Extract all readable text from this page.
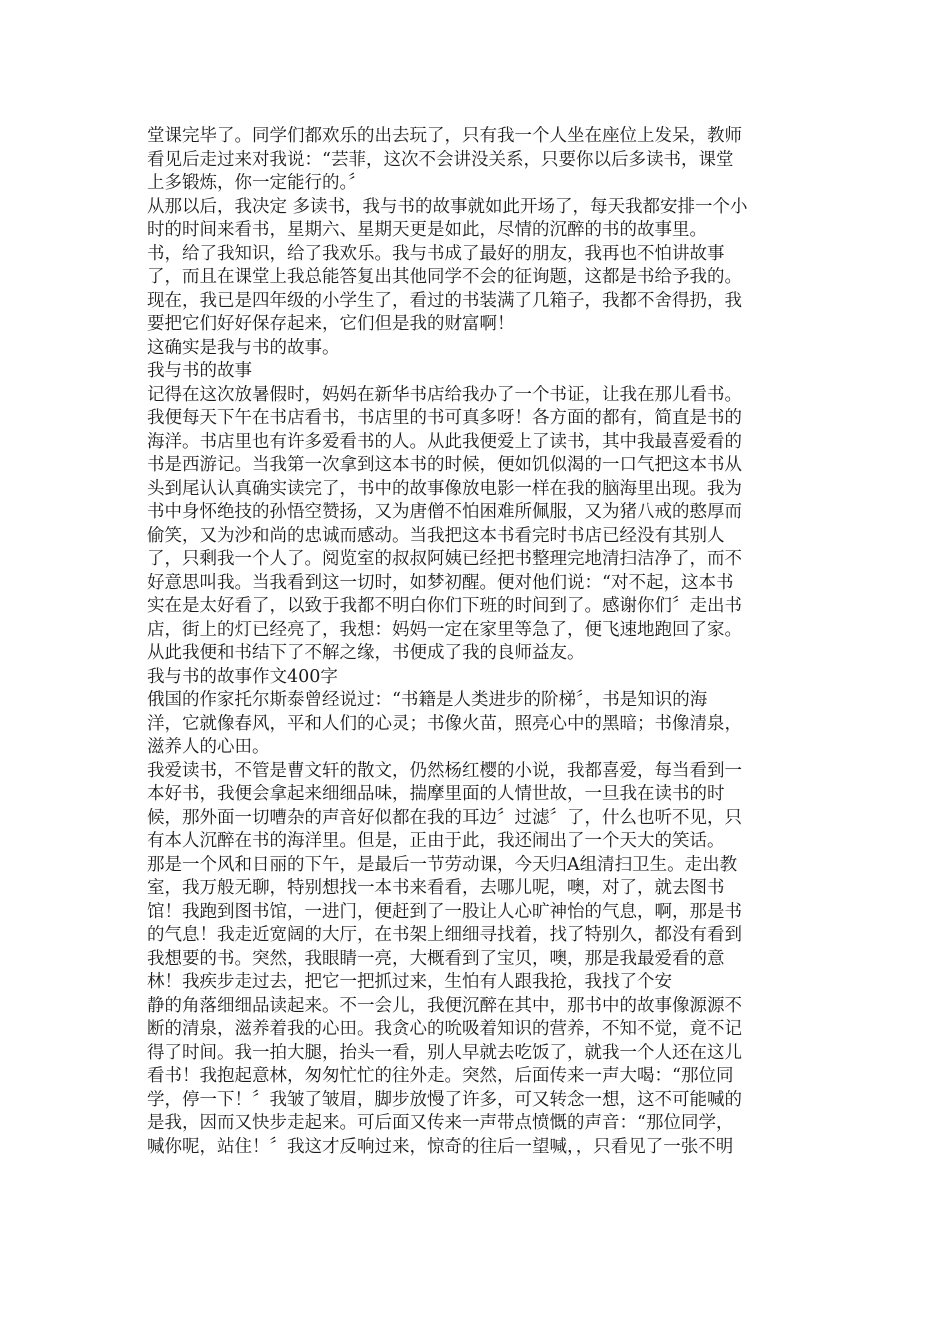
堂课完毕了。同学们都欢乐的出去玩了，只有我一个人坐在座位上发呆，教师
看见后走过来对我说：“芸菲，这次不会讲没关系，只要你以后多读书，课堂
上多锻炼，你一定能行的。〞
从那以后，我决定 多读书，我与书的故事就如此开场了，每天我都安排一个小
时的时间来看书，星期六、星期天更是如此，尽情的沉醉的书的故事里。
书，给了我知识，给了我欢乐。我与书成了最好的朋友，我再也不怕讲故事
了，而且在课堂上我总能答复出其他同学不会的征询题，这都是书给予我的。
现在，我已是四年级的小学生了，看过的书装满了几箱子，我都不舍得扔，我
要把它们好好保存起来，它们但是我的财富啊！
这确实是我与书的故事。
我与书的故事
记得在这次放暑假时，妈妈在新华书店给我办了一个书证，让我在那儿看书。
我便每天下午在书店看书，书店里的书可真多呀！各方面的都有，简直是书的
海洋。书店里也有许多爱看书的人。从此我便爱上了读书，其中我最喜爱看的
书是西游记。当我第一次拿到这本书的时候，便如饥似渴的一口气把这本书从
头到尾认认真确实读完了，书中的故事像放电影一样在我的脑海里出现。我为
书中身怀绝技的孙悟空赞扬，又为唐僧不怕困难所佩服，又为猪八戒的憨厚而
偷笑，又为沙和尚的忠诚而感动。当我把这本书看完时书店已经没有其别人
了，只剩我一个人了。阅览室的叔叔阿姨已经把书整理完地清扫洁净了，而不
好意思叫我。当我看到这一切时，如梦初醒。便对他们说：“对不起，这本书
实在是太好看了，以致于我都不明白你们下班的时间到了。感谢你们〞走出书
店，街上的灯已经亮了，我想：妈妈一定在家里等急了，便飞速地跑回了家。
从此我便和书结下了不解之缘，书便成了我的良师益友。
我与书的故事作文400字
俄国的作家托尔斯泰曾经说过：“书籍是人类进步的阶梯〞，书是知识的海
洋，它就像春风，平和人们的心灵；书像火苗，照亮心中的黑暗；书像清泉，
滋养人的心田。
我爱读书，不管是曹文轩的散文，仍然杨红樱的小说，我都喜爱，每当看到一
本好书，我便会拿起来细细品味，揣摩里面的人情世故，一旦我在读书的时
候，那外面一切嘈杂的声音好似都在我的耳边〞过滤〞了，什么也听不见，只
有本人沉醉在书的海洋里。但是，正由于此，我还闹出了一个天大的笑话。
那是一个风和日丽的下午，是最后一节劳动课，今天归A组清扫卫生。走出教
室，我万般无聊，特别想找一本书来看看，去哪儿呢，噢，对了，就去图书
馆！我跑到图书馆，一进门，便赶到了一股让人心旷神怡的气息，啊，那是书
的气息！我走近宽阔的大厅，在书架上细细寻找着，找了特别久，都没有看到
我想要的书。突然，我眼睛一亮，大概看到了宝贝，噢，那是我最爱看的意
林！我疾步走过去，把它一把抓过来，生怕有人跟我抢，我找了个安
静的角落细细品读起来。不一会儿，我便沉醉在其中，那书中的故事像源源不
断的清泉，滋养着我的心田。我贪心的吮吸着知识的营养，不知不觉，竟不记
得了时间。我一拍大腿，抬头一看，别人早就去吃饭了，就我一个人还在这儿
看书！我抱起意林，匆匆忙忙的往外走。突然，后面传来一声大喝：“那位同
学，停一下！〞我皱了皱眉，脚步放慢了许多，可又转念一想，这不可能喊的
是我，因而又快步走起来。可后面又传来一声带点愤慨的声音：“那位同学，
喊你呢，站住！〞我这才反响过来，惊奇的往后一望喊，，只看见了一张不明
